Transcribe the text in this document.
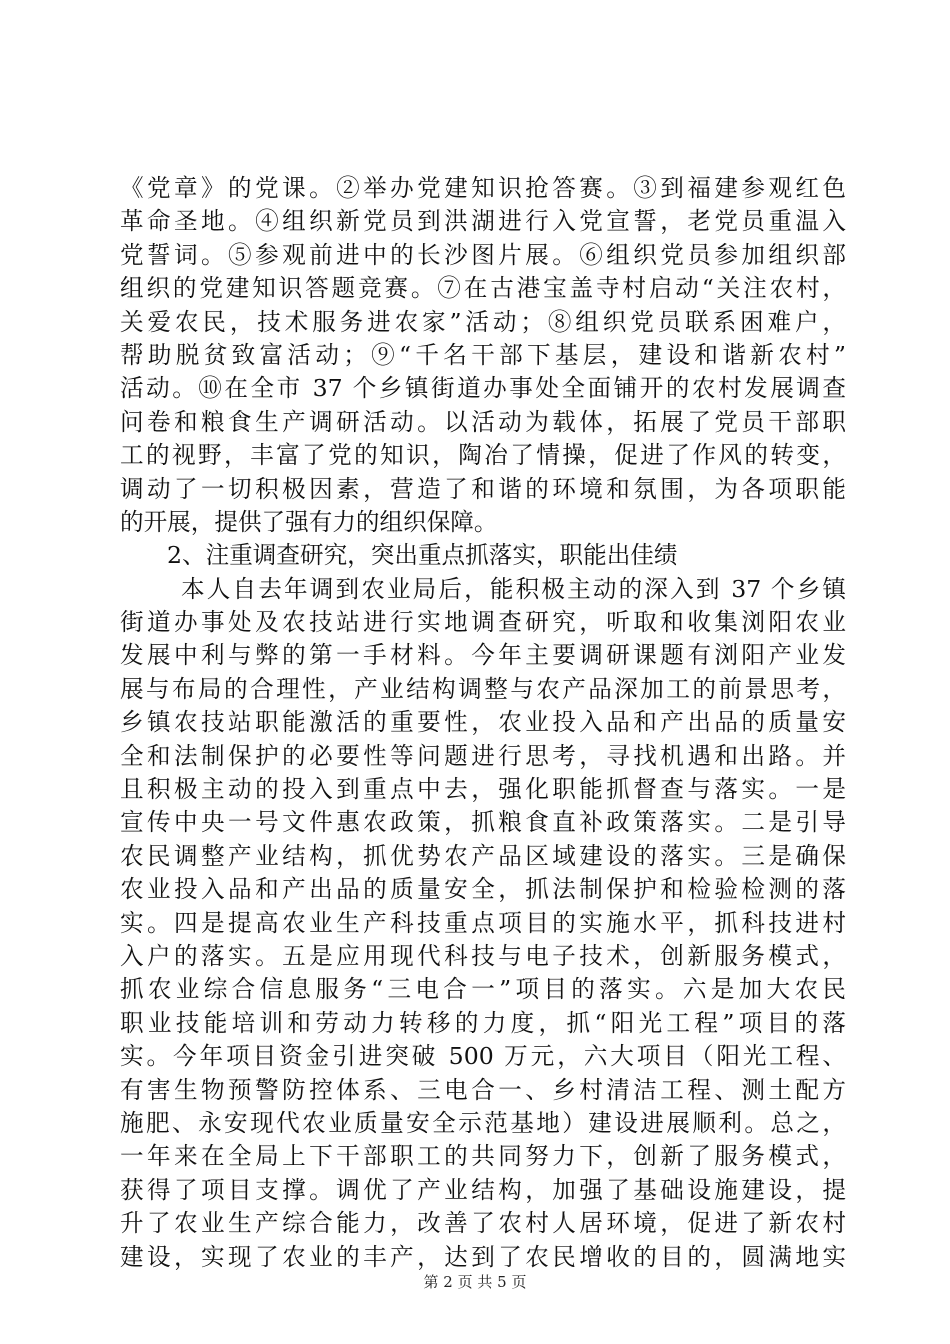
《党章》的党课。②举办党建知识抢答赛。③到福建参观红色
革命圣地。④组织新党员到洪湖进行入党宣誓，老党员重温入
党誓词。⑤参观前进中的长沙图片展。⑥组织党员参加组织部
组织的党建知识答题竞赛。⑦在古港宝盖寺村启动“关注农村，
关爱农民，技术服务进农家”活动；⑧组织党员联系困难户，
帮助脱贫致富活动；⑨“千名干部下基层，建设和谐新农村”
活动。⑩在全市 37 个乡镇街道办事处全面铺开的农村发展调查
问卷和粮食生产调研活动。以活动为载体，拓展了党员干部职
工的视野，丰富了党的知识，陶冶了情操，促进了作风的转变，
调动了一切积极因素，营造了和谐的环境和氛围，为各项职能
的开展，提供了强有力的组织保障。
2、注重调查研究，突出重点抓落实，职能出佳绩
本人自去年调到农业局后，能积极主动的深入到 37 个乡镇
街道办事处及农技站进行实地调查研究，听取和收集浏阳农业
发展中利与弊的第一手材料。今年主要调研课题有浏阳产业发
展与布局的合理性，产业结构调整与农产品深加工的前景思考，
乡镇农技站职能激活的重要性，农业投入品和产出品的质量安
全和法制保护的必要性等问题进行思考，寻找机遇和出路。并
且积极主动的投入到重点中去，强化职能抓督查与落实。一是
宣传中央一号文件惠农政策，抓粮食直补政策落实。二是引导
农民调整产业结构，抓优势农产品区域建设的落实。三是确保
农业投入品和产出品的质量安全，抓法制保护和检验检测的落
实。四是提高农业生产科技重点项目的实施水平，抓科技进村
入户的落实。五是应用现代科技与电子技术，创新服务模式，
抓农业综合信息服务“三电合一”项目的落实。六是加大农民
职业技能培训和劳动力转移的力度，抓“阳光工程”项目的落
实。今年项目资金引进突破 500 万元，六大项目（阳光工程、
有害生物预警防控体系、三电合一、乡村清洁工程、测土配方
施肥、永安现代农业质量安全示范基地）建设进展顺利。总之，
一年来在全局上下干部职工的共同努力下，创新了服务模式，
获得了项目支撑。调优了产业结构，加强了基础设施建设，提
升了农业生产综合能力，改善了农村人居环境，促进了新农村
建设，实现了农业的丰产，达到了农民增收的目的，圆满地实
第 2 页 共 5 页
